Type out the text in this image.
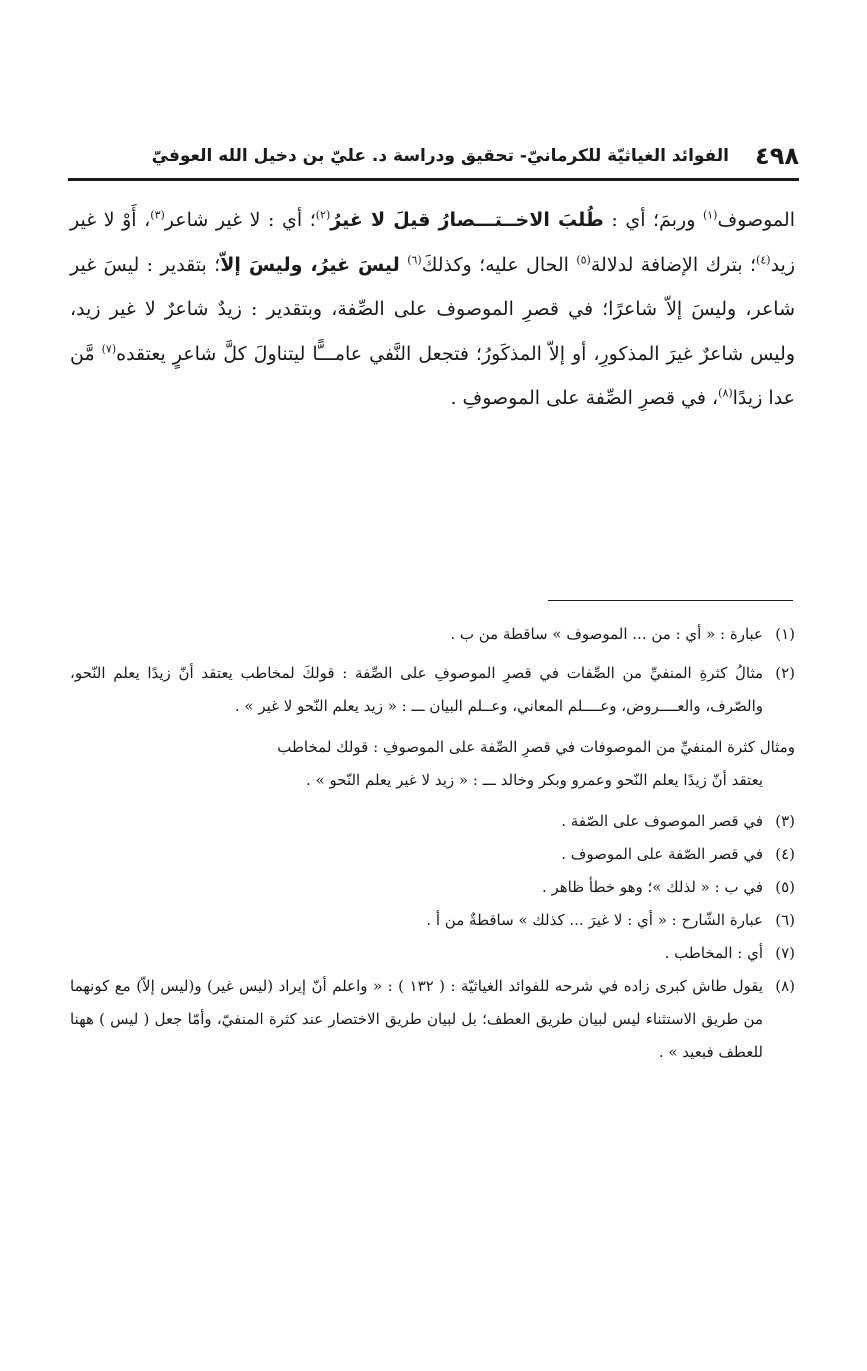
٤٩٨
الفوائد الغياثيّة للكرمانيّ- تحقيق ودراسة د. عليّ بن دخيل الله العوفيّ

الموصوف$^{(١)}$ وربمَ؛ أي : طُلبَ الاخــتـــصارُ قيلَ لا غيرُ$^{(٢)}$؛ أي : لا غير شاعر$^{(٣)}$، أَوْ لا غير زيد$^{(٤)}$؛ بترك الإضافة لدلالة$^{(٥)}$ الحال عليه؛ وكذلكَ$^{(٦)}$ ليسَ غيرُ، وليسَ إلاّ؛ بتقدير : ليسَ غير شاعر، وليسَ إلاّ شاعرًا؛ في قصرِ الموصوف على الصِّفة، وبتقدير : زيدٌ شاعرٌ لا غير زيد، وليس شاعرٌ غيرَ المذكورِ، أو إلاّ المذكَورُ؛ فتجعل النَّفي عامـــًّا ليتناولَ كلَّ شاعرٍ يعتقده$^{(٧)}$ مَّن عدا زيدًا$^{(٨)}$، في قصرِ الصِّفة على الموصوفِ .

(١)
عبارة : « أي : من ... الموصوف » ساقطة من ب .
(٢)
مثالُ كثرةِ المنفيِّ من الصِّفات في قصرِ الموصوفِ على الصِّفة : قولكَ لمخاطب يعتقد أنّ زيدًا يعلم النّحو، والصّرف، والعــــروض، وعــــلم المعاني، وعــلم البيان ـــ : « زيد يعلم النّحو لا غير » .
ومثال كثرة المنفيِّ من الموصوفات في قصرِ الصِّفة على الموصوفِ : قولك لمخاطب
يعتقد أنّ زيدًا يعلم النّحو وعمرو وبكر وخالد ـــ : « زيد لا غير يعلم النّحو » .
(٣)
في قصر الموصوف على الصّفة .
(٤)
في قصر الصّفة على الموصوف .
(٥)
في ب : « لذلك »؛ وهو خطأ ظاهر .
(٦)
عبارة الشّارح : « أي : لا غيرَ ... كذلك » ساقطةٌ من أ .
(٧)
أي : المخاطب .
(٨)
يقول طاش كبرى زاده في شرحه للفوائد الغياثيّة : ( ١٣٢ ) : « واعلم أنّ إيراد (ليس غير) و(ليس إلاّ) مع كونهما من طريق الاستثناء ليس لبيان طريق العطف؛ بل لبيان طريق الاختصار عند كثرة المنفيّ، وأمّا جعل ( ليس ) ههنا للعطف فبعيد » .
